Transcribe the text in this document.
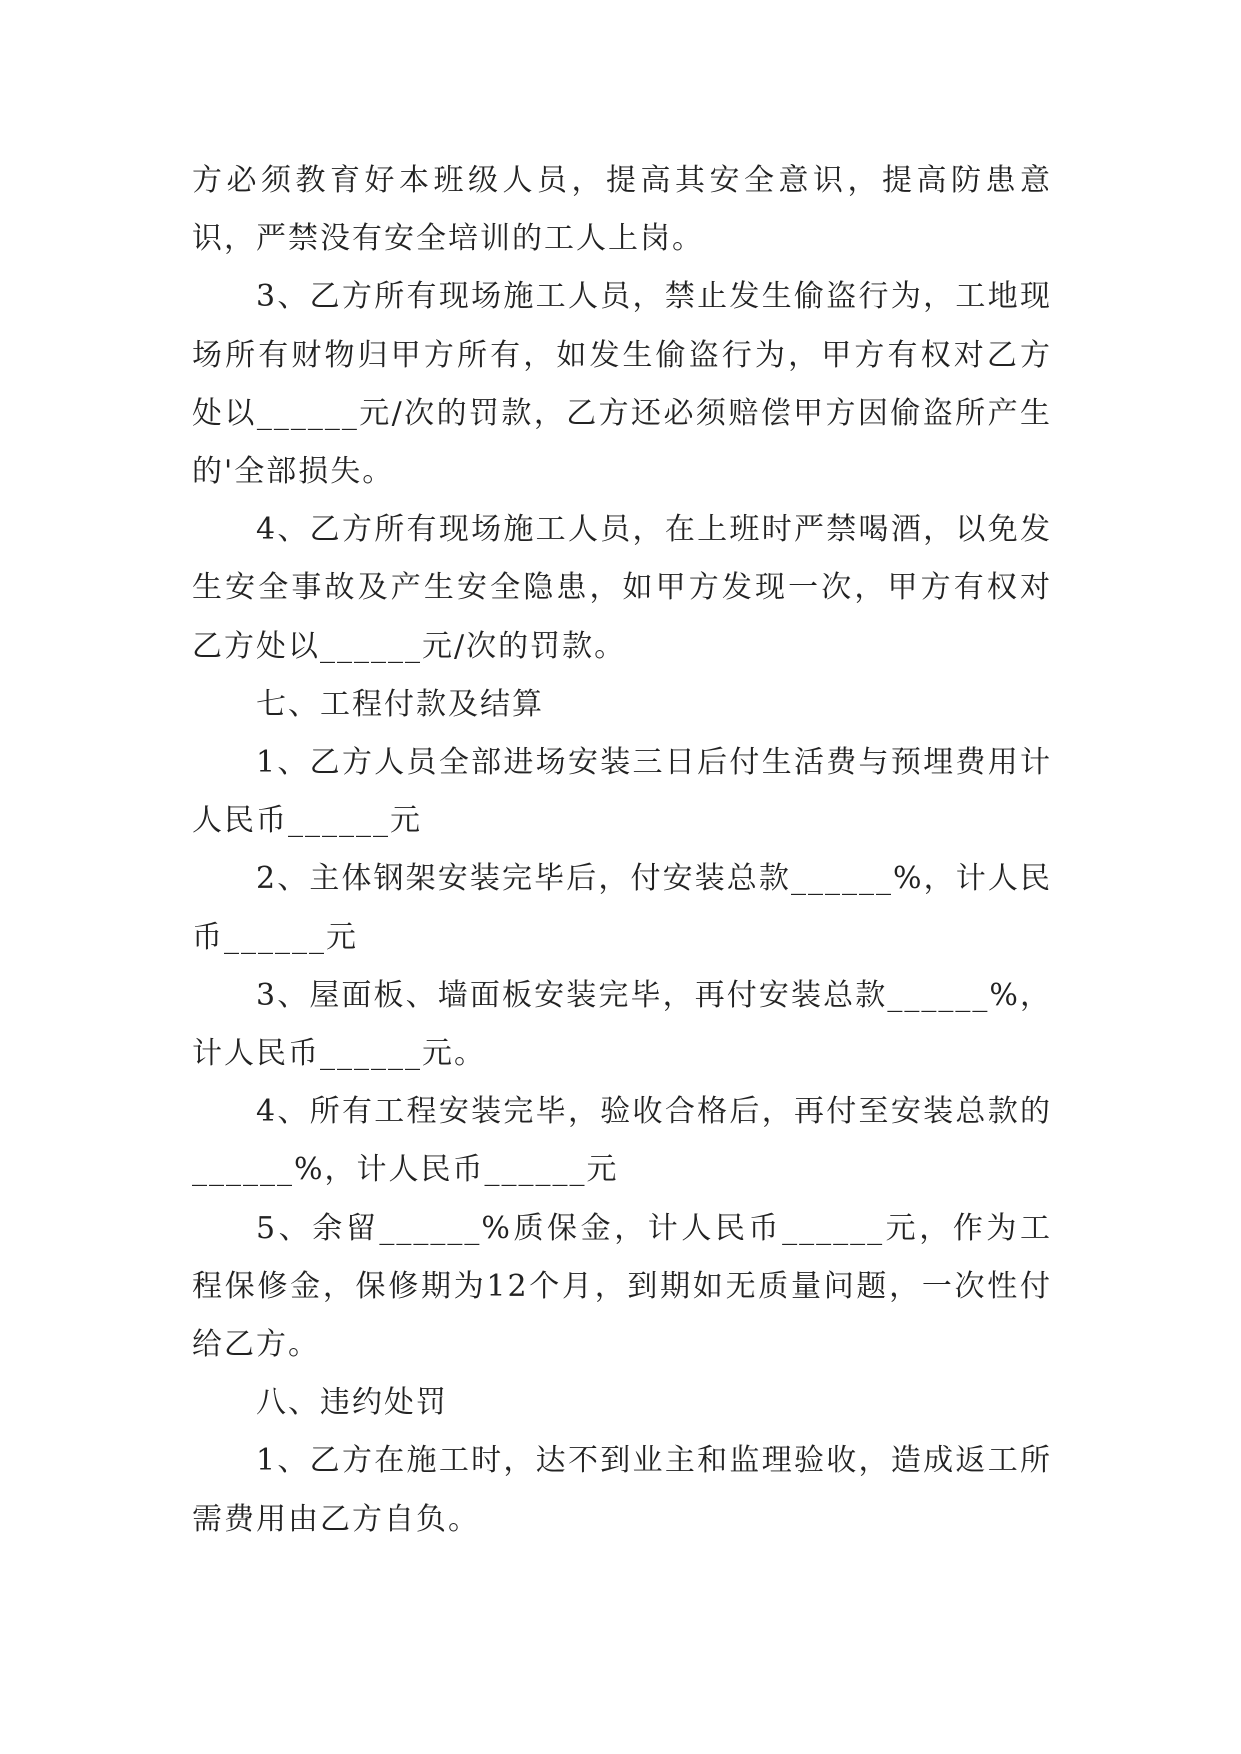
方必须教育好本班级人员，提高其安全意识，提高防患意识，严禁没有安全培训的工人上岗。

3、乙方所有现场施工人员，禁止发生偷盗行为，工地现场所有财物归甲方所有，如发生偷盗行为，甲方有权对乙方处以______元/次的罚款，乙方还必须赔偿甲方因偷盗所产生的'全部损失。

4、乙方所有现场施工人员，在上班时严禁喝酒，以免发生安全事故及产生安全隐患，如甲方发现一次，甲方有权对乙方处以______元/次的罚款。

七、工程付款及结算

1、乙方人员全部进场安装三日后付生活费与预埋费用计人民币______元

2、主体钢架安装完毕后，付安装总款______%，计人民币______元

3、屋面板、墙面板安装完毕，再付安装总款______%，计人民币______元。

4、所有工程安装完毕，验收合格后，再付至安装总款的______%，计人民币______元

5、余留______%质保金，计人民币______元，作为工程保修金，保修期为12个月，到期如无质量问题，一次性付给乙方。

八、违约处罚

1、乙方在施工时，达不到业主和监理验收，造成返工所需费用由乙方自负。
